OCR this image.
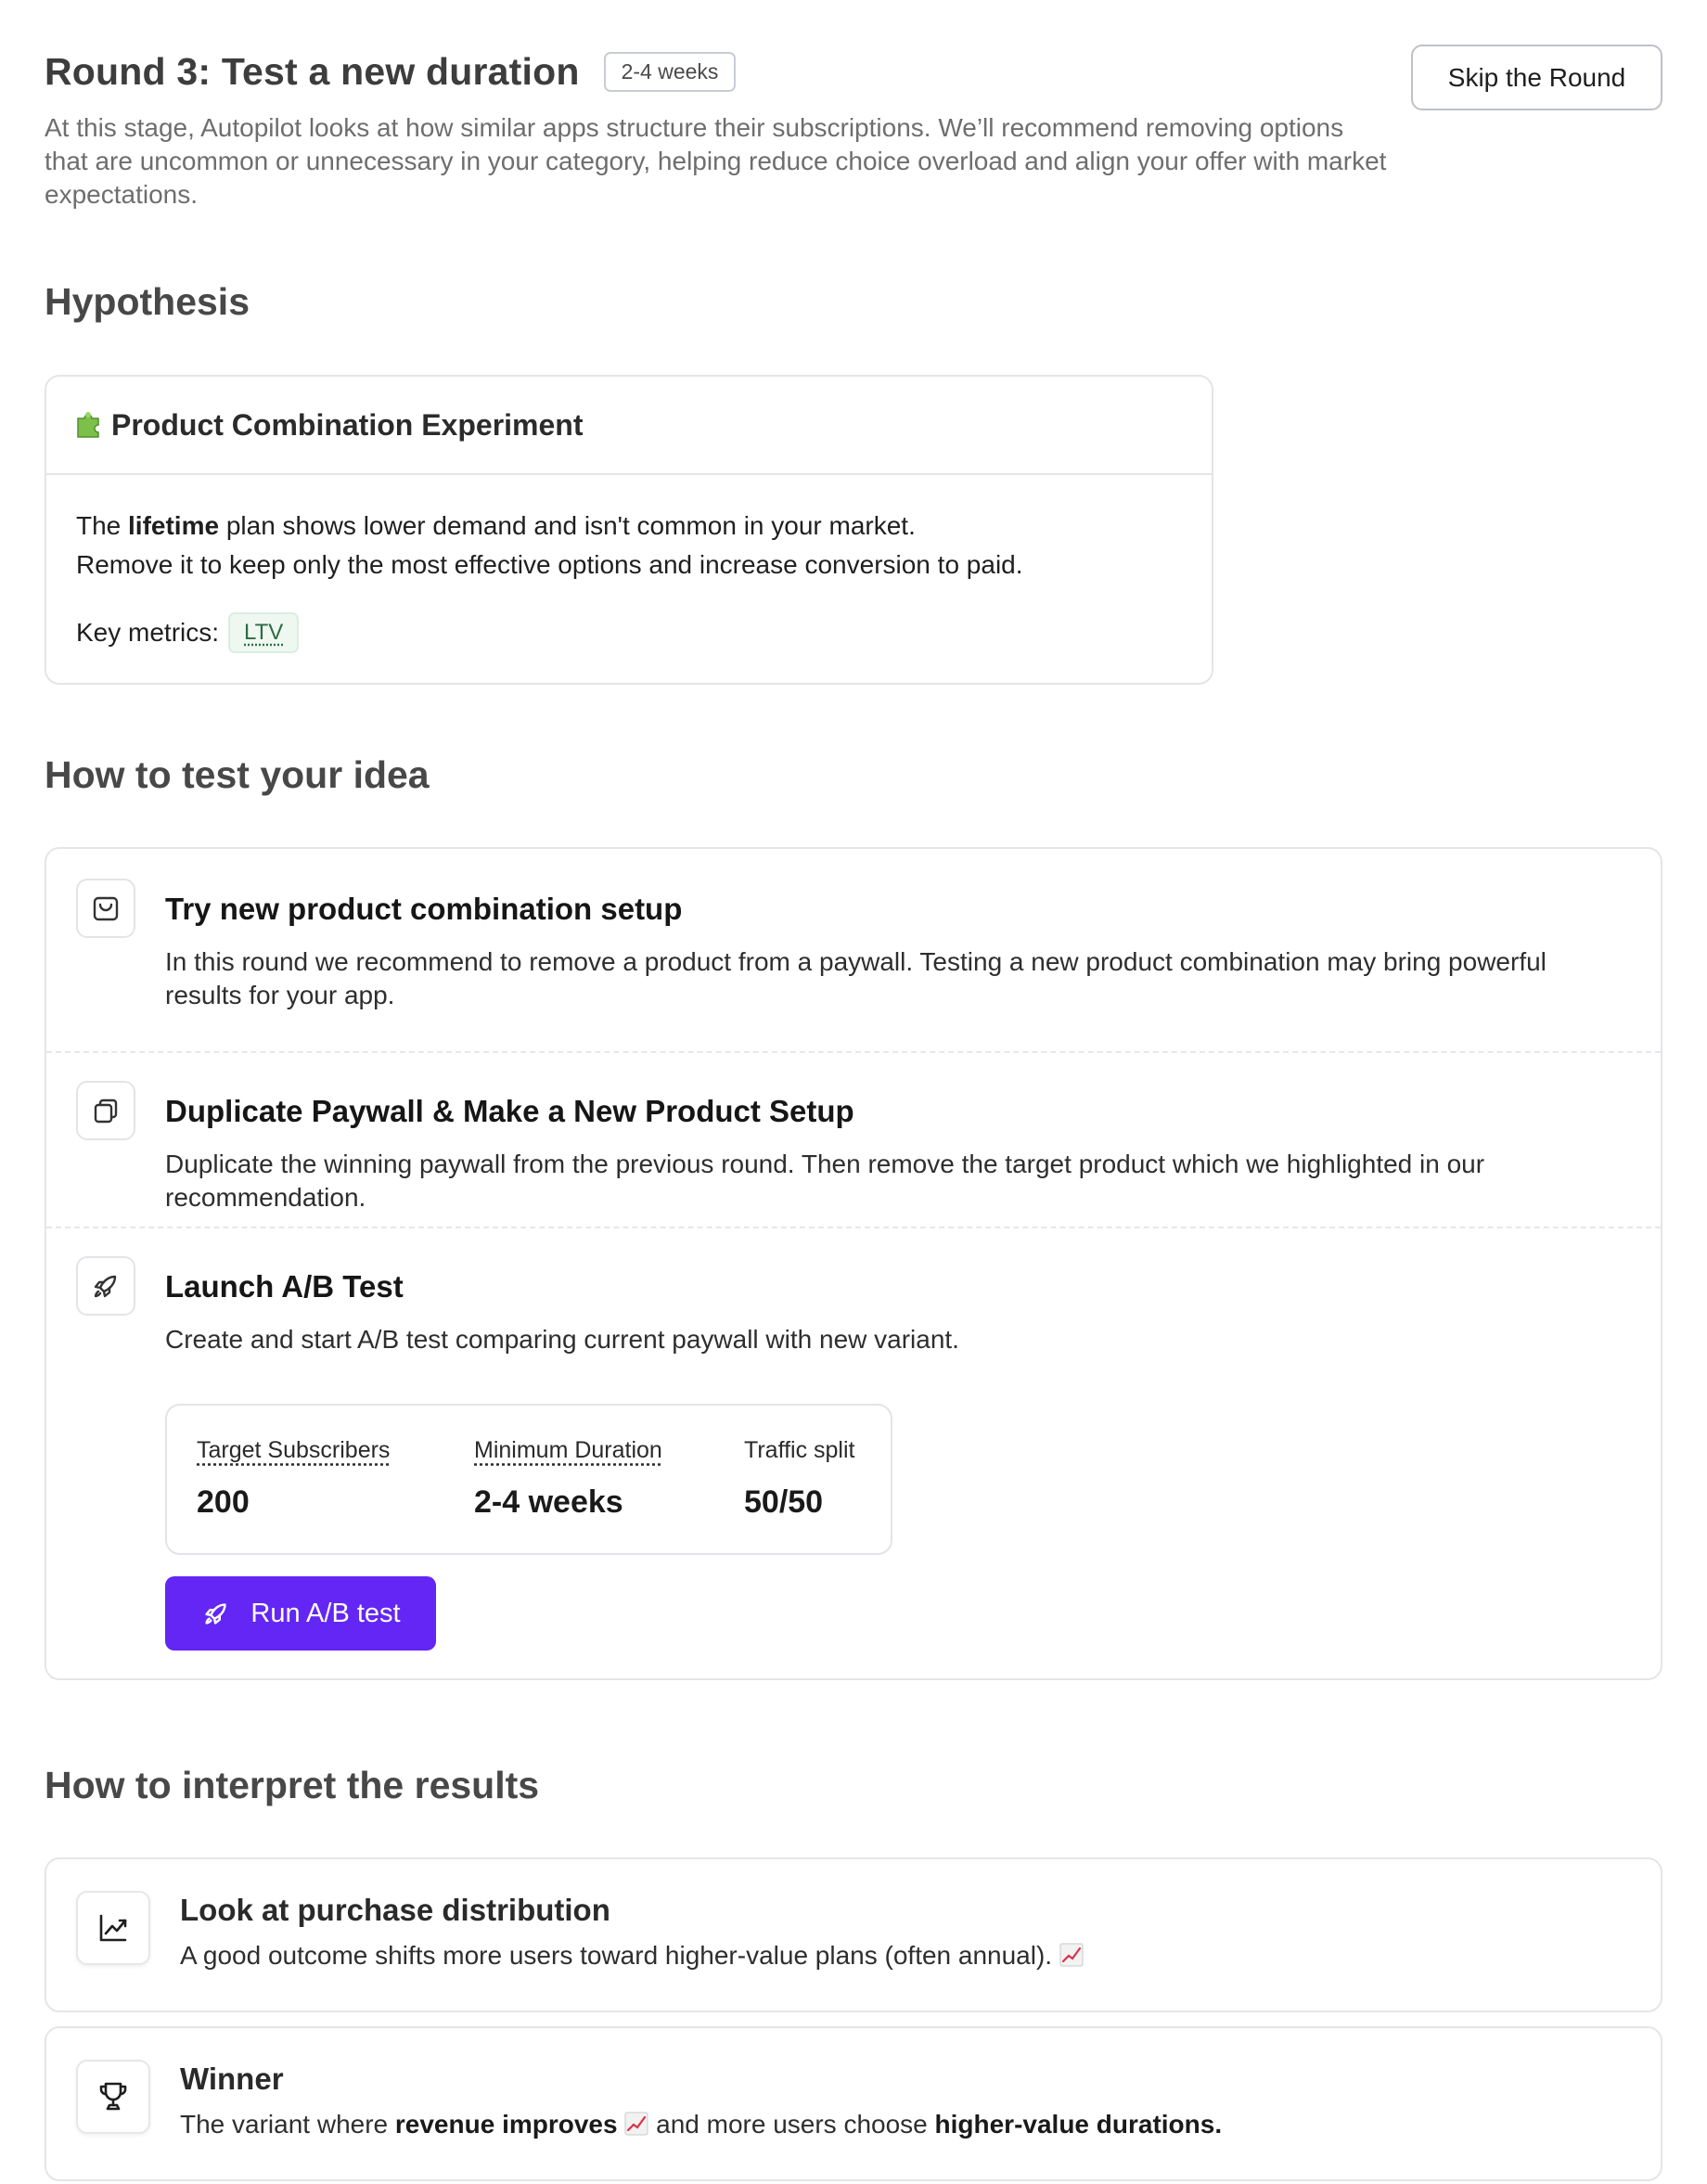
Round 3: Test a new duration	2-4 weeks	Skip the Round

At this stage, Autopilot looks at how similar apps structure their subscriptions. We’ll recommend removing options that are uncommon or unnecessary in your category, helping reduce choice overload and align your offer with market expectations.

Hypothesis
Product Combination Experiment
The lifetime plan shows lower demand and isn't common in your market.
Remove it to keep only the most effective options and increase conversion to paid.
Key metrics:	LTV
How to test your idea
Try new product combination setup
In this round we recommend to remove a product from a paywall. Testing a new product combination may bring powerful results for your app.
Duplicate Paywall & Make a New Product Setup
Duplicate the winning paywall from the previous round. Then remove the target product which we highlighted in our recommendation.
Launch A/B Test
Create and start A/B test comparing current paywall with new variant.
Target Subscribers
200
Minimum Duration
2-4 weeks
Traffic split
50/50
Run A/B test
How to interpret the results
Look at purchase distribution
A good outcome shifts more users toward higher-value plans (often annual).
Winner
The variant where revenue improves  and more users choose higher-value durations.
